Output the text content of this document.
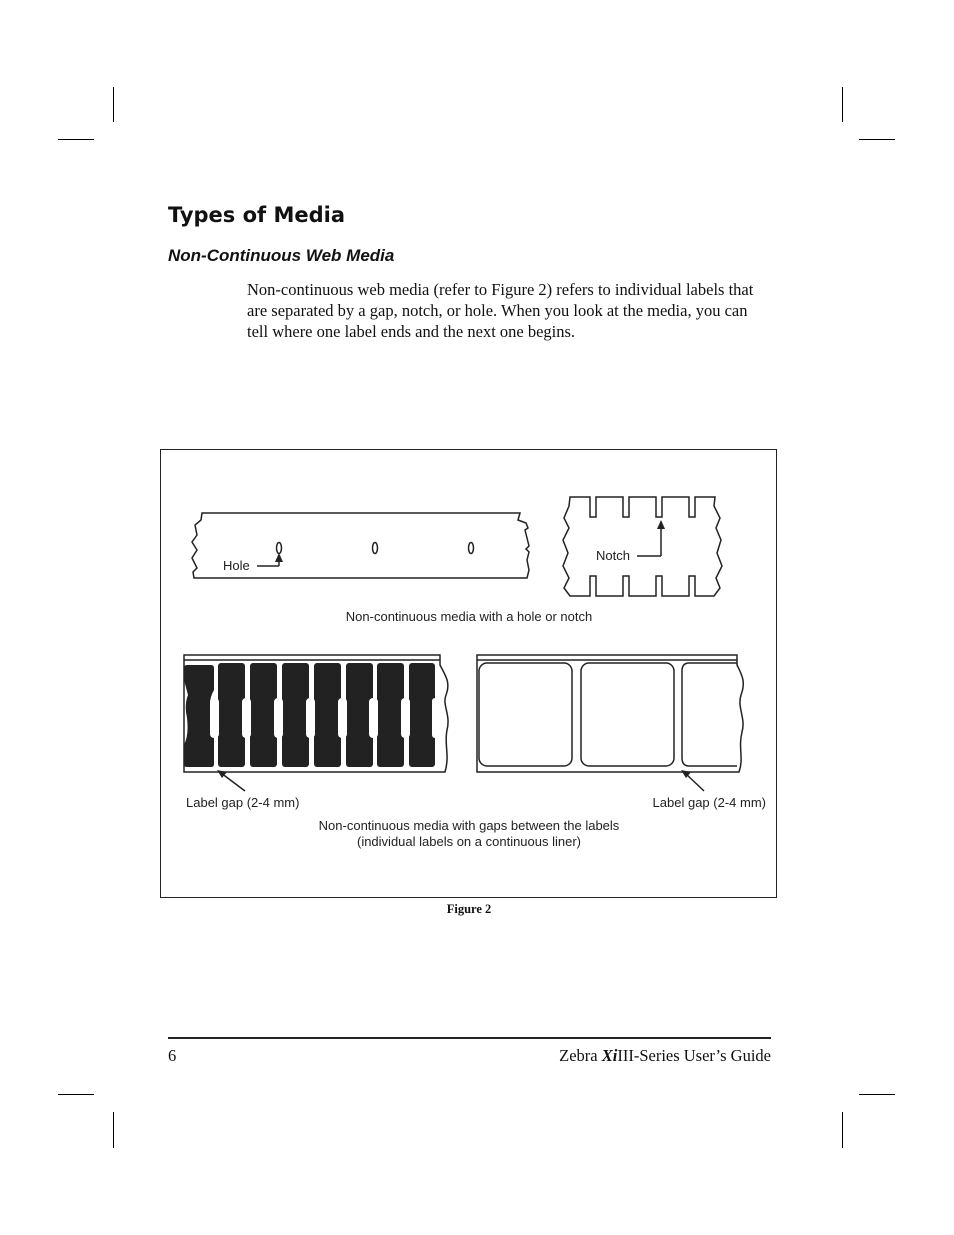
Types of Media
Non-Continuous Web Media

Non-continuous web media (refer to Figure 2) refers to individual labels that are separated by a gap, notch, or hole. When you look at the media, you can tell where one label ends and the next one begins.

Hole
Notch
Non-continuous media with a hole or notch
Label gap (2-4 mm)	Label gap (2-4 mm)
Non-continuous media with gaps between the labels
(individual labels on a continuous liner)
Figure 2
6	Zebra XiIII-Series User’s Guide
